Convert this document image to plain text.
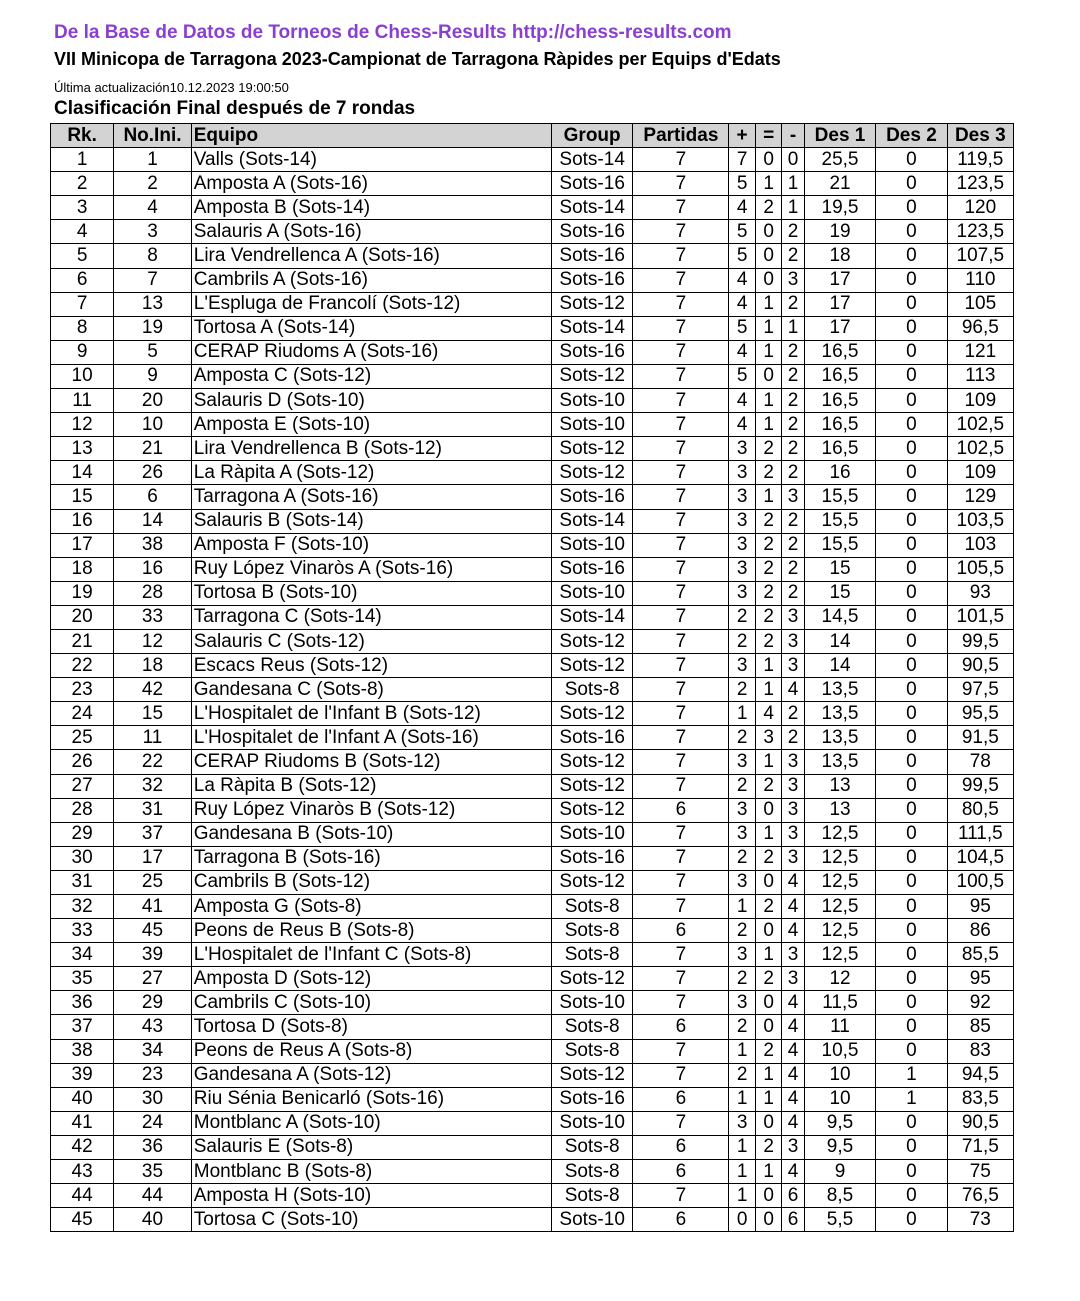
De la Base de Datos de Torneos de Chess-Results http://chess-results.com
VII Minicopa de Tarragona 2023-Campionat de Tarragona Ràpides per Equips d'Edats
Última actualización10.12.2023 19:00:50
Clasificación Final después de 7 rondas
Rk.	No.Ini.	Equipo	Group	Partidas	+	=	-	Des 1	Des 2	Des 3
1	1	Valls (Sots-14)	Sots-14	7	7	0	0	25,5	0	119,5
2	2	Amposta A (Sots-16)	Sots-16	7	5	1	1	21	0	123,5
3	4	Amposta B (Sots-14)	Sots-14	7	4	2	1	19,5	0	120
4	3	Salauris A (Sots-16)	Sots-16	7	5	0	2	19	0	123,5
5	8	Lira Vendrellenca A (Sots-16)	Sots-16	7	5	0	2	18	0	107,5
6	7	Cambrils A (Sots-16)	Sots-16	7	4	0	3	17	0	110
7	13	L'Espluga de Francolí (Sots-12)	Sots-12	7	4	1	2	17	0	105
8	19	Tortosa A (Sots-14)	Sots-14	7	5	1	1	17	0	96,5
9	5	CERAP Riudoms A (Sots-16)	Sots-16	7	4	1	2	16,5	0	121
10	9	Amposta C (Sots-12)	Sots-12	7	5	0	2	16,5	0	113
11	20	Salauris D (Sots-10)	Sots-10	7	4	1	2	16,5	0	109
12	10	Amposta E (Sots-10)	Sots-10	7	4	1	2	16,5	0	102,5
13	21	Lira Vendrellenca B (Sots-12)	Sots-12	7	3	2	2	16,5	0	102,5
14	26	La Ràpita A (Sots-12)	Sots-12	7	3	2	2	16	0	109
15	6	Tarragona A (Sots-16)	Sots-16	7	3	1	3	15,5	0	129
16	14	Salauris B (Sots-14)	Sots-14	7	3	2	2	15,5	0	103,5
17	38	Amposta F (Sots-10)	Sots-10	7	3	2	2	15,5	0	103
18	16	Ruy López Vinaròs A (Sots-16)	Sots-16	7	3	2	2	15	0	105,5
19	28	Tortosa B (Sots-10)	Sots-10	7	3	2	2	15	0	93
20	33	Tarragona C (Sots-14)	Sots-14	7	2	2	3	14,5	0	101,5
21	12	Salauris C (Sots-12)	Sots-12	7	2	2	3	14	0	99,5
22	18	Escacs Reus (Sots-12)	Sots-12	7	3	1	3	14	0	90,5
23	42	Gandesana C (Sots-8)	Sots-8	7	2	1	4	13,5	0	97,5
24	15	L'Hospitalet de l'Infant B (Sots-12)	Sots-12	7	1	4	2	13,5	0	95,5
25	11	L'Hospitalet de l'Infant A (Sots-16)	Sots-16	7	2	3	2	13,5	0	91,5
26	22	CERAP Riudoms B (Sots-12)	Sots-12	7	3	1	3	13,5	0	78
27	32	La Ràpita B (Sots-12)	Sots-12	7	2	2	3	13	0	99,5
28	31	Ruy López Vinaròs B (Sots-12)	Sots-12	6	3	0	3	13	0	80,5
29	37	Gandesana B (Sots-10)	Sots-10	7	3	1	3	12,5	0	111,5
30	17	Tarragona B (Sots-16)	Sots-16	7	2	2	3	12,5	0	104,5
31	25	Cambrils B (Sots-12)	Sots-12	7	3	0	4	12,5	0	100,5
32	41	Amposta G (Sots-8)	Sots-8	7	1	2	4	12,5	0	95
33	45	Peons de Reus B (Sots-8)	Sots-8	6	2	0	4	12,5	0	86
34	39	L'Hospitalet de l'Infant C (Sots-8)	Sots-8	7	3	1	3	12,5	0	85,5
35	27	Amposta D (Sots-12)	Sots-12	7	2	2	3	12	0	95
36	29	Cambrils C (Sots-10)	Sots-10	7	3	0	4	11,5	0	92
37	43	Tortosa D (Sots-8)	Sots-8	6	2	0	4	11	0	85
38	34	Peons de Reus A (Sots-8)	Sots-8	7	1	2	4	10,5	0	83
39	23	Gandesana A (Sots-12)	Sots-12	7	2	1	4	10	1	94,5
40	30	Riu Sénia Benicarló (Sots-16)	Sots-16	6	1	1	4	10	1	83,5
41	24	Montblanc A (Sots-10)	Sots-10	7	3	0	4	9,5	0	90,5
42	36	Salauris E (Sots-8)	Sots-8	6	1	2	3	9,5	0	71,5
43	35	Montblanc B (Sots-8)	Sots-8	6	1	1	4	9	0	75
44	44	Amposta H (Sots-10)	Sots-8	7	1	0	6	8,5	0	76,5
45	40	Tortosa C (Sots-10)	Sots-10	6	0	0	6	5,5	0	73
